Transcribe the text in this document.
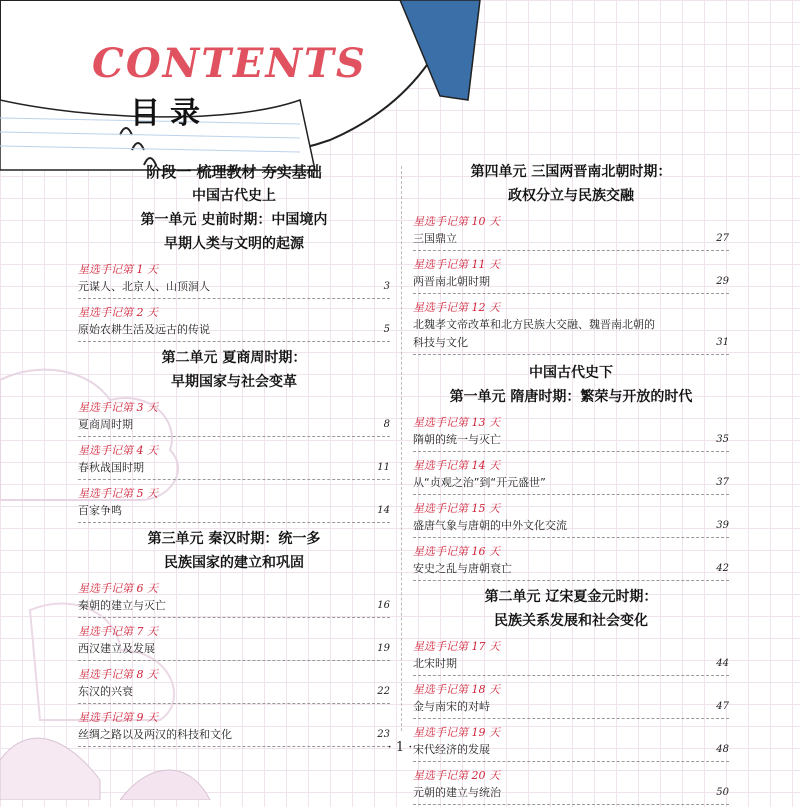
CONTENTS
目录
阶段一 梳理教材 夯实基础
中国古代史上
第一单元 史前时期：中国境内
早期人类与文明的起源
星选手记第 1 天
元谋人、北京人、山顶洞人	3
星选手记第 2 天
原始农耕生活及远古的传说	5
第二单元 夏商周时期：
早期国家与社会变革
星选手记第 3 天
夏商周时期	8
星选手记第 4 天
春秋战国时期	11
星选手记第 5 天
百家争鸣	14
第三单元 秦汉时期：统一多
民族国家的建立和巩固
星选手记第 6 天
秦朝的建立与灭亡	16
星选手记第 7 天
西汉建立及发展	19
星选手记第 8 天
东汉的兴衰	22
星选手记第 9 天
丝绸之路以及两汉的科技和文化	23
第四单元 三国两晋南北朝时期：
政权分立与民族交融
星选手记第 10 天
三国鼎立	27
星选手记第 11 天
两晋南北朝时期	29
星选手记第 12 天
北魏孝文帝改革和北方民族大交融、魏晋南北朝的
科技与文化	31
中国古代史下
第一单元 隋唐时期：繁荣与开放的时代
星选手记第 13 天
隋朝的统一与灭亡	35
星选手记第 14 天
从“贞观之治”到“开元盛世”	37
星选手记第 15 天
盛唐气象与唐朝的中外文化交流	39
星选手记第 16 天
安史之乱与唐朝衰亡	42
第二单元 辽宋夏金元时期：
民族关系发展和社会变化
星选手记第 17 天
北宋时期	44
星选手记第 18 天
金与南宋的对峙	47
星选手记第 19 天
宋代经济的发展	48
星选手记第 20 天
元朝的建立与统治	50
· 1 ·
